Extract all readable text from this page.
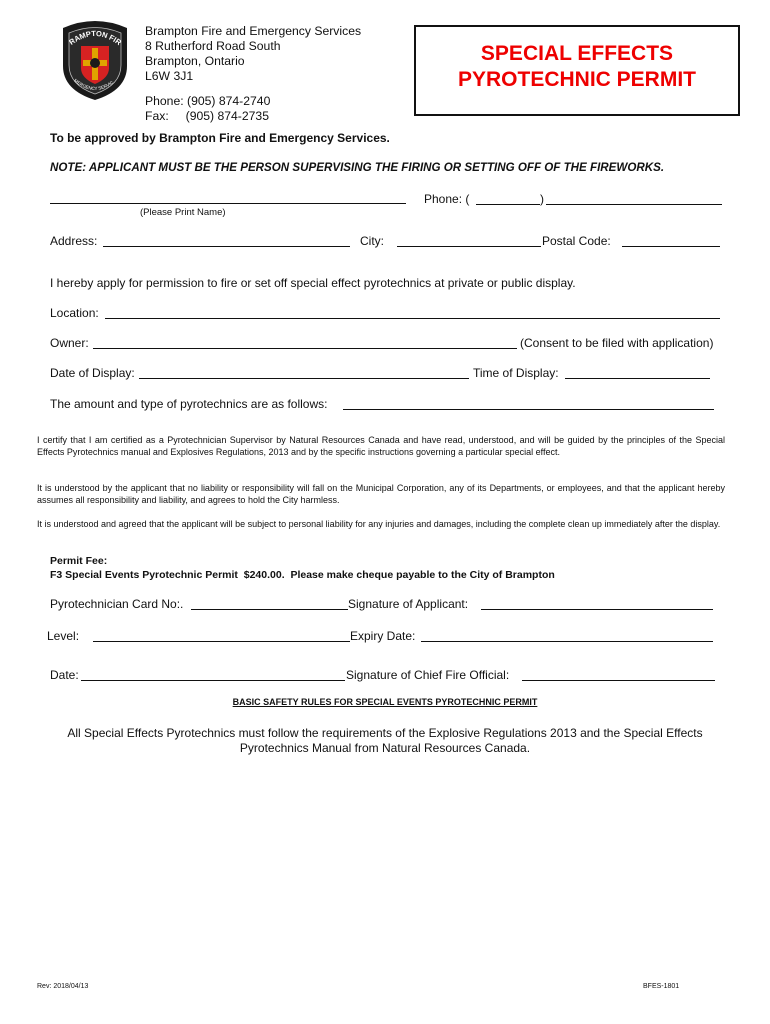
RAMPTON FIR
MERGENCY SERVIC
Brampton Fire and Emergency Services
8 Rutherford Road South
Brampton, Ontario
L6W 3J1
Phone: (905) 874-2740
Fax:     (905) 874-2735
SPECIAL EFFECTS
PYROTECHNIC PERMIT
To be approved by Brampton Fire and Emergency Services.
NOTE: APPLICANT MUST BE THE PERSON SUPERVISING THE FIRING OR SETTING OFF OF THE FIREWORKS.
Phone: (	)
(Please Print Name)
Address:	City:	Postal Code:
I hereby apply for permission to fire or set off special effect pyrotechnics at private or public display.
Location:
Owner:	(Consent to be filed with application)
Date of Display:	Time of Display:
The amount and type of pyrotechnics are as follows:
I certify that I am certified as a Pyrotechnician Supervisor by Natural Resources Canada and have read, understood, and will be guided by the principles of the Special Effects Pyrotechnics manual and Explosives Regulations, 2013 and by the specific instructions governing a particular special effect.
It is understood by the applicant that no liability or responsibility will fall on the Municipal Corporation, any of its Departments, or employees, and that the applicant hereby assumes all responsibility and liability, and agrees to hold the City harmless.
It is understood and agreed that the applicant will be subject to personal liability for any injuries and damages, including the complete clean up immediately after the display.
Permit Fee:
F3 Special Events Pyrotechnic Permit  $240.00.  Please make cheque payable to the City of Brampton
Pyrotechnician Card No:.	Signature of Applicant:
Level:	Expiry Date:
Date:	Signature of Chief Fire Official:
BASIC SAFETY RULES FOR SPECIAL EVENTS PYROTECHNIC PERMIT
All Special Effects Pyrotechnics must follow the requirements of the Explosive Regulations 2013 and the Special Effects
Pyrotechnics Manual from Natural Resources Canada.
Rev: 2018/04/13	BFES-1801
